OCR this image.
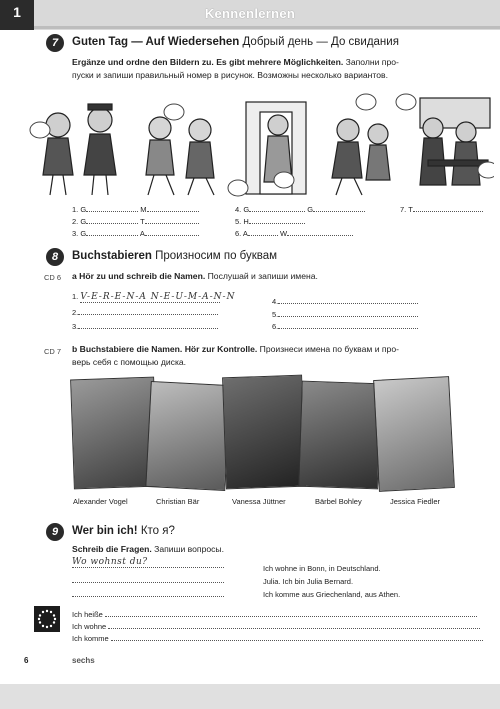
1	Kennenlernen
7	Guten Tag — Auf Wiedersehen Добрый день — До свидания
Ergänze und ordne den Bildern zu. Es gibt mehrere Möglichkeiten. Заполни про-
пуски и запиши правильный номер в рисунок. Возможны несколько вариантов.
1. G	M
2. G	T
3. G	A
4. G	G
5. H
6. A	W
7. T
8	Buchstabieren Произносим по буквам
CD 6 a Hör zu und schreib die Namen. Послушай и запиши имена.
1. V-E-R-E-N-A N-E-U-M-A-N-N
2.
3.
4.
5.
6.
CD 7 b Buchstabiere die Namen. Hör zur Kontrolle. Произнеси имена по буквам и про-
верь себя с помощью диска.
Alexander Vogel	Christian Bär	Vanessa Jüttner	Bärbel Bohley	Jessica Fiedler
9	Wer bin ich! Кто я?
Schreib die Fragen. Запиши вопросы.
Wo wohnst du?
Ich wohne in Bonn, in Deutschland.
Julia. Ich bin Julia Bernard.
Ich komme aus Griechenland, aus Athen.
Ich heiße
Ich wohne
Ich komme
6	sechs
